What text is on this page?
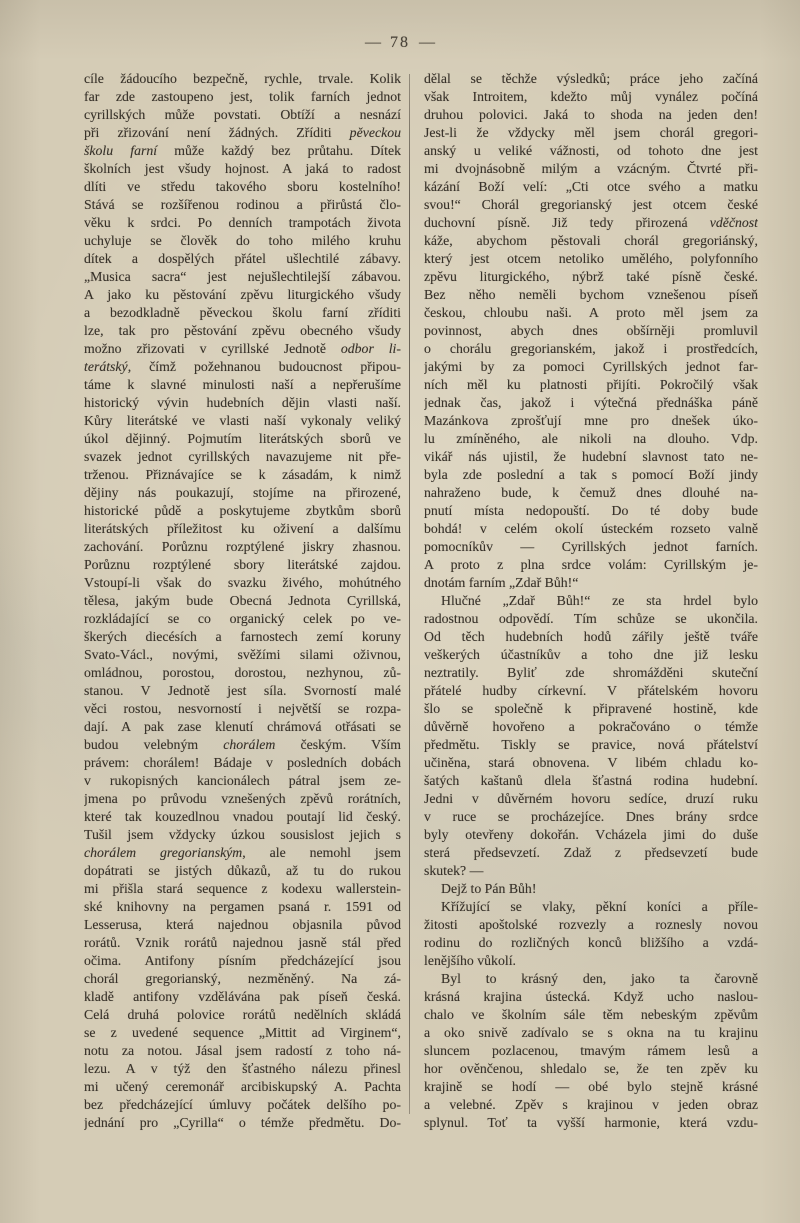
— 78 —
cíle žádoucího bezpečně, rychle, trvale. Kolik
far zde zastoupeno jest, tolik farních jednot
cyrillských může povstati. Obtíží a nesnází
při zřizování není žádných. Zříditi pěveckou
školu farní může každý bez průtahu. Dítek
školních jest všudy hojnost. A jaká to radost
dlíti ve středu takového sboru kostelního!
Stává se rozšířenou rodinou a přirůstá člo-
věku k srdci. Po denních trampotách života
uchyluje se člověk do toho milého kruhu
dítek a dospělých přátel ušlechtilé zábavy.
„Musica sacra“ jest nejušlechtilejší zábavou.
A jako ku pěstování zpěvu liturgického všudy
a bezodkladně pěveckou školu farní zříditi
lze, tak pro pěstování zpěvu obecného všudy
možno zřizovati v cyrillské Jednotě odbor li-
terátský, čímž požehnanou budoucnost připou-
táme k slavné minulosti naší a nepřerušíme
historický vývin hudebních dějin vlasti naší.
Kůry literátské ve vlasti naší vykonaly veliký
úkol dějinný. Pojmutím literátských sborů ve
svazek jednot cyrillských navazujeme nit pře-
trženou. Přiznávajíce se k zásadám, k nimž
dějiny nás poukazují, stojíme na přirozené,
historické půdě a poskytujeme zbytkům sborů
literátských příležitost ku oživení a dalšímu
zachování. Porůznu rozptýlené jiskry zhasnou.
Porůznu rozptýlené sbory literátské zajdou.
Vstoupí-li však do svazku živého, mohútného
tělesa, jakým bude Obecná Jednota Cyrillská,
rozkládající se co organický celek po ve-
škerých diecésích a farnostech zemí koruny
Svato-Václ., novými, svěžími silami oživnou,
omládnou, porostou, dorostou, nezhynou, zů-
stanou. V Jednotě jest síla. Svorností malé
věci rostou, nesvorností i největší se rozpa-
dají. A pak zase klenutí chrámová otřásati se
budou velebným chorálem českým. Vším
právem: chorálem! Bádaje v posledních dobách
v rukopisných kancionálech pátral jsem ze-
jmena po průvodu vznešených zpěvů rorátních,
které tak kouzedlnou vnadou poutají lid český.
Tušil jsem vždycky úzkou sousislost jejich s
chorálem gregorianským, ale nemohl jsem
dopátrati se jistých důkazů, až tu do rukou
mi přišla stará sequence z kodexu wallerstein-
ské knihovny na pergamen psaná r. 1591 od
Lesserusa, která najednou objasnila původ
rorátů. Vznik rorátů najednou jasně stál před
očima. Antifony písním předcházející jsou
chorál gregorianský, nezměněný. Na zá-
kladě antifony vzdělávána pak píseň česká.
Celá druhá polovice rorátů nedělních skládá
se z uvedené sequence „Mittit ad Virginem“,
notu za notou. Jásal jsem radostí z toho ná-
lezu. A v týž den šťastného nálezu přinesl
mi učený ceremonář arcibiskupský A. Pachta
bez předcházející úmluvy počátek delšího po-
jednání pro „Cyrilla“ o témže předmětu. Do-
dělal se těchže výsledků; práce jeho začíná
však Introitem, kdežto můj vynález počíná
druhou polovici. Jaká to shoda na jeden den!
Jest-li že vždycky měl jsem chorál gregori-
anský u veliké vážnosti, od tohoto dne jest
mi dvojnásobně milým a vzácným. Čtvrté při-
kázání Boží velí: „Cti otce svého a matku
svou!“ Chorál gregorianský jest otcem české
duchovní písně. Již tedy přirozená vděčnost
káže, abychom pěstovali chorál gregoriánský,
který jest otcem netoliko umělého, polyfonního
zpěvu liturgického, nýbrž také písně české.
Bez něho neměli bychom vznešenou píseň
českou, chloubu naši. A proto měl jsem za
povinnost, abych dnes obšírněji promluvil
o chorálu gregorianském, jakož i prostředcích,
jakými by za pomoci Cyrillských jednot far-
ních měl ku platnosti přijíti. Pokročilý však
jednak čas, jakož i výtečná přednáška páně
Mazánkova zprošťují mne pro dnešek úko-
lu zmíněného, ale nikoli na dlouho. Vdp.
vikář nás ujistil, že hudební slavnost tato ne-
byla zde poslední a tak s pomocí Boží jindy
nahraženo bude, k čemuž dnes dlouhé na-
pnutí místa nedopouští. Do té doby bude
bohdá! v celém okolí ústeckém rozseto valně
pomocníkův — Cyrillských jednot farních.
A proto z plna srdce volám: Cyrillským je-
dnotám farním „Zdař Bůh!“
Hlučné „Zdař Bůh!“ ze sta hrdel bylo
radostnou odpovědí. Tím schůze se ukončila.
Od těch hudebních hodů zářily ještě tváře
veškerých účastníkův a toho dne již lesku
neztratily. Byliť zde shromážděni skuteční
přátelé hudby církevní. V přátelském hovoru
šlo se společně k připravené hostině, kde
důvěrně hovořeno a pokračováno o témže
předmětu. Tiskly se pravice, nová přátelství
učiněna, stará obnovena. V libém chladu ko-
šatých kaštanů dlela šťastná rodina hudební.
Jedni v důvěrném hovoru sedíce, druzí ruku
v ruce se procházejíce. Dnes brány srdce
byly otevřeny dokořán. Vcházela jimi do duše
sterá předsevzetí. Zdaž z předsevzetí bude
skutek? —
Dejž to Pán Bůh!
Křížující se vlaky, pěkní koníci a příle-
žitosti apoštolské rozvezly a roznesly novou
rodinu do rozličných konců bližšího a vzdá-
lenějšího vůkolí.
Byl to krásný den, jako ta čarovně
krásná krajina ústecká. Když ucho naslou-
chalo ve školním sále těm nebeským zpěvům
a oko snivě zadívalo se s okna na tu krajinu
sluncem pozlacenou, tmavým rámem lesů a
hor ověnčenou, shledalo se, že ten zpěv ku
krajině se hodí — obé bylo stejně krásné
a velebné. Zpěv s krajinou v jeden obraz
splynul. Toť ta vyšší harmonie, která vzdu-
